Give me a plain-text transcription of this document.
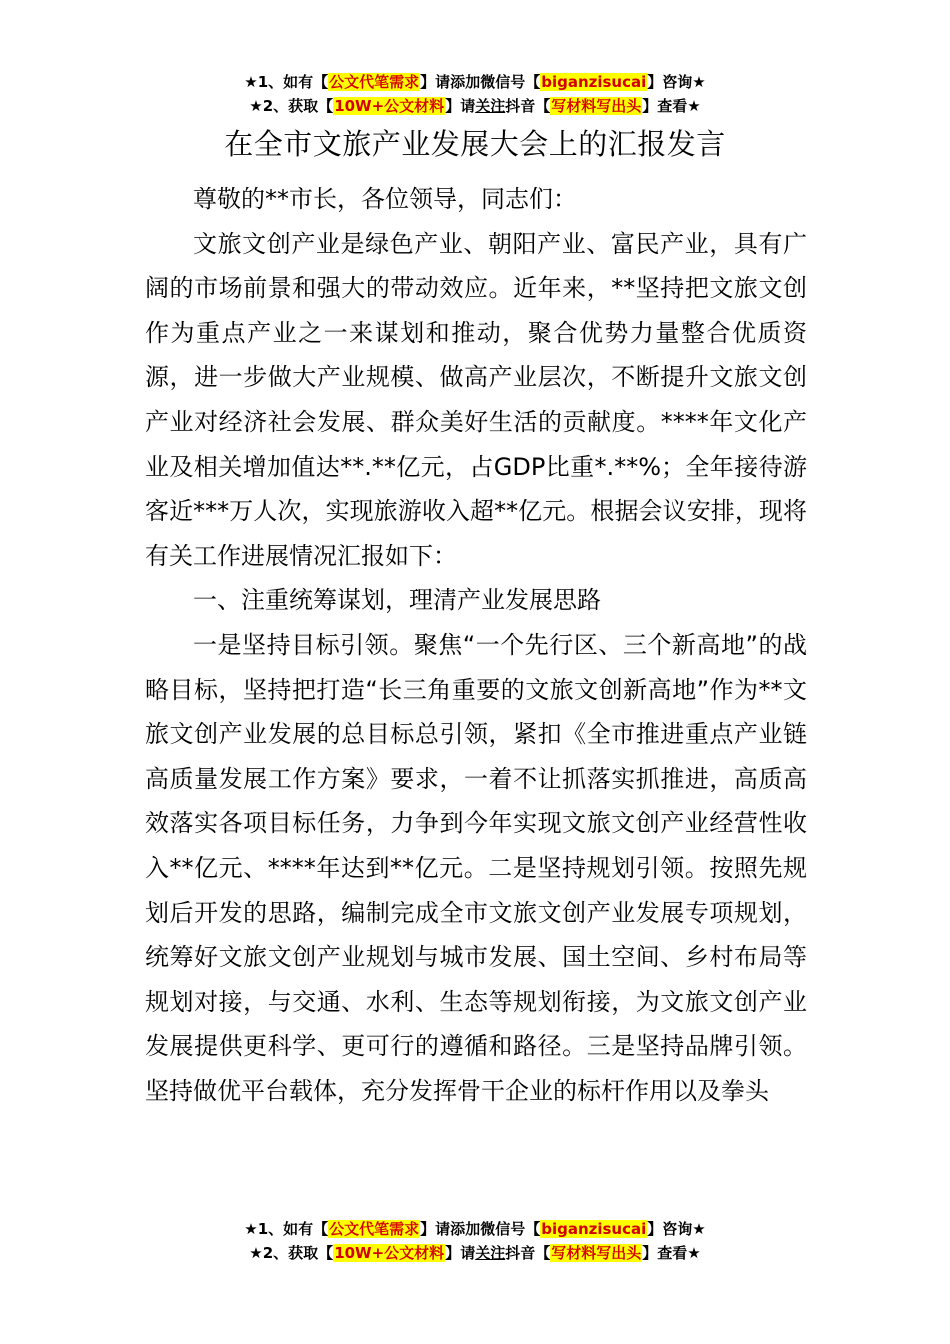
★1、如有【公文代笔需求】请添加微信号【biganzisucai】咨询★
★2、获取【10W+公文材料】请关注抖音【写材料写出头】查看★
在全市文旅产业发展大会上的汇报发言

尊敬的**市长，各位领导，同志们：

文旅文创产业是绿色产业、朝阳产业、富民产业，具有广阔的市场前景和强大的带动效应。近年来，**坚持把文旅文创作为重点产业之一来谋划和推动，聚合优势力量整合优质资源，进一步做大产业规模、做高产业层次，不断提升文旅文创产业对经济社会发展、群众美好生活的贡献度。****年文化产业及相关增加值达**.**亿元，占GDP比重*.**%；全年接待游客近***万人次，实现旅游收入超**亿元。根据会议安排，现将有关工作进展情况汇报如下：

一、注重统筹谋划，理清产业发展思路

一是坚持目标引领。聚焦“一个先行区、三个新高地”的战略目标，坚持把打造“长三角重要的文旅文创新高地”作为**文旅文创产业发展的总目标总引领，紧扣《全市推进重点产业链高质量发展工作方案》要求，一着不让抓落实抓推进，高质高效落实各项目标任务，力争到今年实现文旅文创产业经营性收入**亿元、****年达到**亿元。二是坚持规划引领。按照先规划后开发的思路，编制完成全市文旅文创产业发展专项规划，统筹好文旅文创产业规划与城市发展、国土空间、乡村布局等规划对接，与交通、水利、生态等规划衔接，为文旅文创产业发展提供更科学、更可行的遵循和路径。三是坚持品牌引领。坚持做优平台载体，充分发挥骨干企业的标杆作用以及拳头

★1、如有【公文代笔需求】请添加微信号【biganzisucai】咨询★
★2、获取【10W+公文材料】请关注抖音【写材料写出头】查看★
